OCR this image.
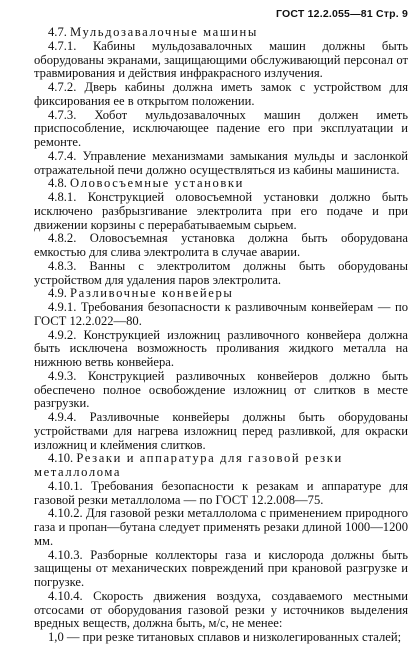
ГОСТ 12.2.055—81 Стр. 9
4.7. Мульдозавалочные машины

4.7.1. Кабины мульдозавалочных машин должны быть оборудованы экранами, защищающими обслуживающий персонал от травмирования и действия инфракрасного излучения.

4.7.2. Дверь кабины должна иметь замок с устройством для фиксирования ее в открытом положении.

4.7.3. Хобот мульдозавалочных машин должен иметь приспособление, исключающее падение его при эксплуатации и ремонте.

4.7.4. Управление механизмами замыкания мульды и заслонкой отражательной печи должно осуществляться из кабины машиниста.

4.8. Оловосъемные установки

4.8.1. Конструкцией оловосъемной установки должно быть исключено разбрызгивание электролита при его подаче и при движении корзины с перерабатываемым сырьем.

4.8.2. Оловосъемная установка должна быть оборудована емкостью для слива электролита в случае аварии.

4.8.3. Ванны с электролитом должны быть оборудованы устройством для удаления паров электролита.

4.9. Разливочные конвейеры

4.9.1. Требования безопасности к разливочным конвейерам — по ГОСТ 12.2.022—80.

4.9.2. Конструкцией изложниц разливочного конвейера должна быть исключена возможность проливания жидкого металла на нижнюю ветвь конвейера.

4.9.3. Конструкцией разливочных конвейеров должно быть обеспечено полное освобождение изложниц от слитков в месте разгрузки.

4.9.4. Разливочные конвейеры должны быть оборудованы устройствами для нагрева изложниц перед разливкой, для окраски изложниц и клеймения слитков.

4.10. Резаки и аппаратура для газовой резки металлолома

4.10.1. Требования безопасности к резакам и аппаратуре для газовой резки металлолома — по ГОСТ 12.2.008—75.

4.10.2. Для газовой резки металлолома с применением природного газа и пропан—бутана следует применять резаки длиной 1000—1200 мм.

4.10.3. Разборные коллекторы газа и кислорода должны быть защищены от механических повреждений при крановой разгрузке и погрузке.

4.10.4. Скорость движения воздуха, создаваемого местными отсосами от оборудования газовой резки у источников выделения вредных веществ, должна быть, м/с, не менее:

1,0 — при резке титановых сплавов и низколегированных сталей;
